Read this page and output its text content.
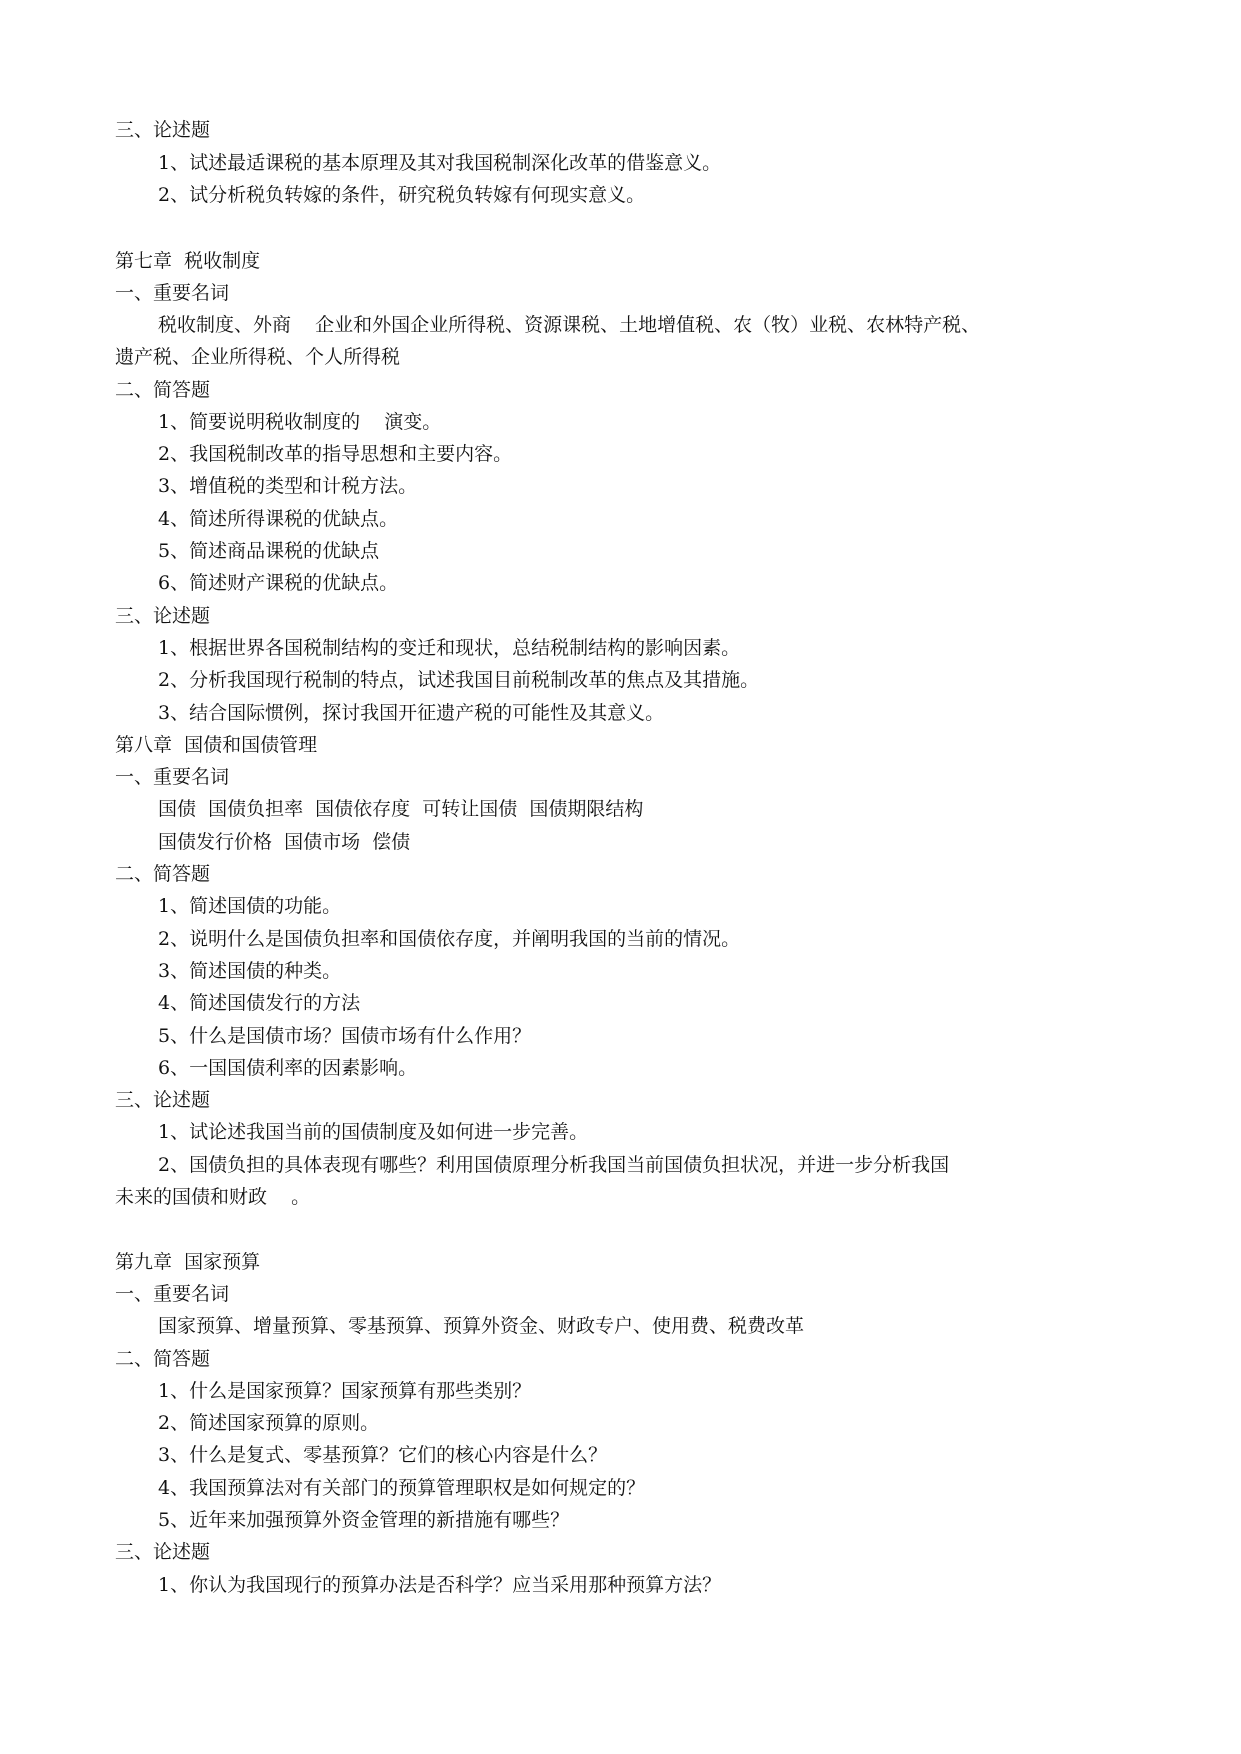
三、论述题
1、试述最适课税的基本原理及其对我国税制深化改革的借鉴意义。
2、试分析税负转嫁的条件，研究税负转嫁有何现实意义。
第七章  税收制度
一、重要名词
税收制度、外商    企业和外国企业所得税、资源课税、土地增值税、农（牧）业税、农林特产税、
遗产税、企业所得税、个人所得税
二、简答题
1、简要说明税收制度的    演变。
2、我国税制改革的指导思想和主要内容。
3、增值税的类型和计税方法。
4、简述所得课税的优缺点。
5、简述商品课税的优缺点
6、简述财产课税的优缺点。
三、论述题
1、根据世界各国税制结构的变迁和现状，总结税制结构的影响因素。
2、分析我国现行税制的特点，试述我国目前税制改革的焦点及其措施。
3、结合国际惯例，探讨我国开征遗产税的可能性及其意义。
第八章  国债和国债管理
一、重要名词
国债  国债负担率  国债依存度  可转让国债  国债期限结构
国债发行价格  国债市场  偿债
二、简答题
1、简述国债的功能。
2、说明什么是国债负担率和国债依存度，并阐明我国的当前的情况。
3、简述国债的种类。
4、简述国债发行的方法
5、什么是国债市场？国债市场有什么作用？
6、一国国债利率的因素影响。
三、论述题
1、试论述我国当前的国债制度及如何进一步完善。
2、国债负担的具体表现有哪些？利用国债原理分析我国当前国债负担状况，并进一步分析我国
未来的国债和财政    。
第九章  国家预算
一、重要名词
国家预算、增量预算、零基预算、预算外资金、财政专户、使用费、税费改革
二、简答题
1、什么是国家预算？国家预算有那些类别？
2、简述国家预算的原则。
3、什么是复式、零基预算？它们的核心内容是什么？
4、我国预算法对有关部门的预算管理职权是如何规定的？
5、近年来加强预算外资金管理的新措施有哪些？
三、论述题
1、你认为我国现行的预算办法是否科学？应当采用那种预算方法？
